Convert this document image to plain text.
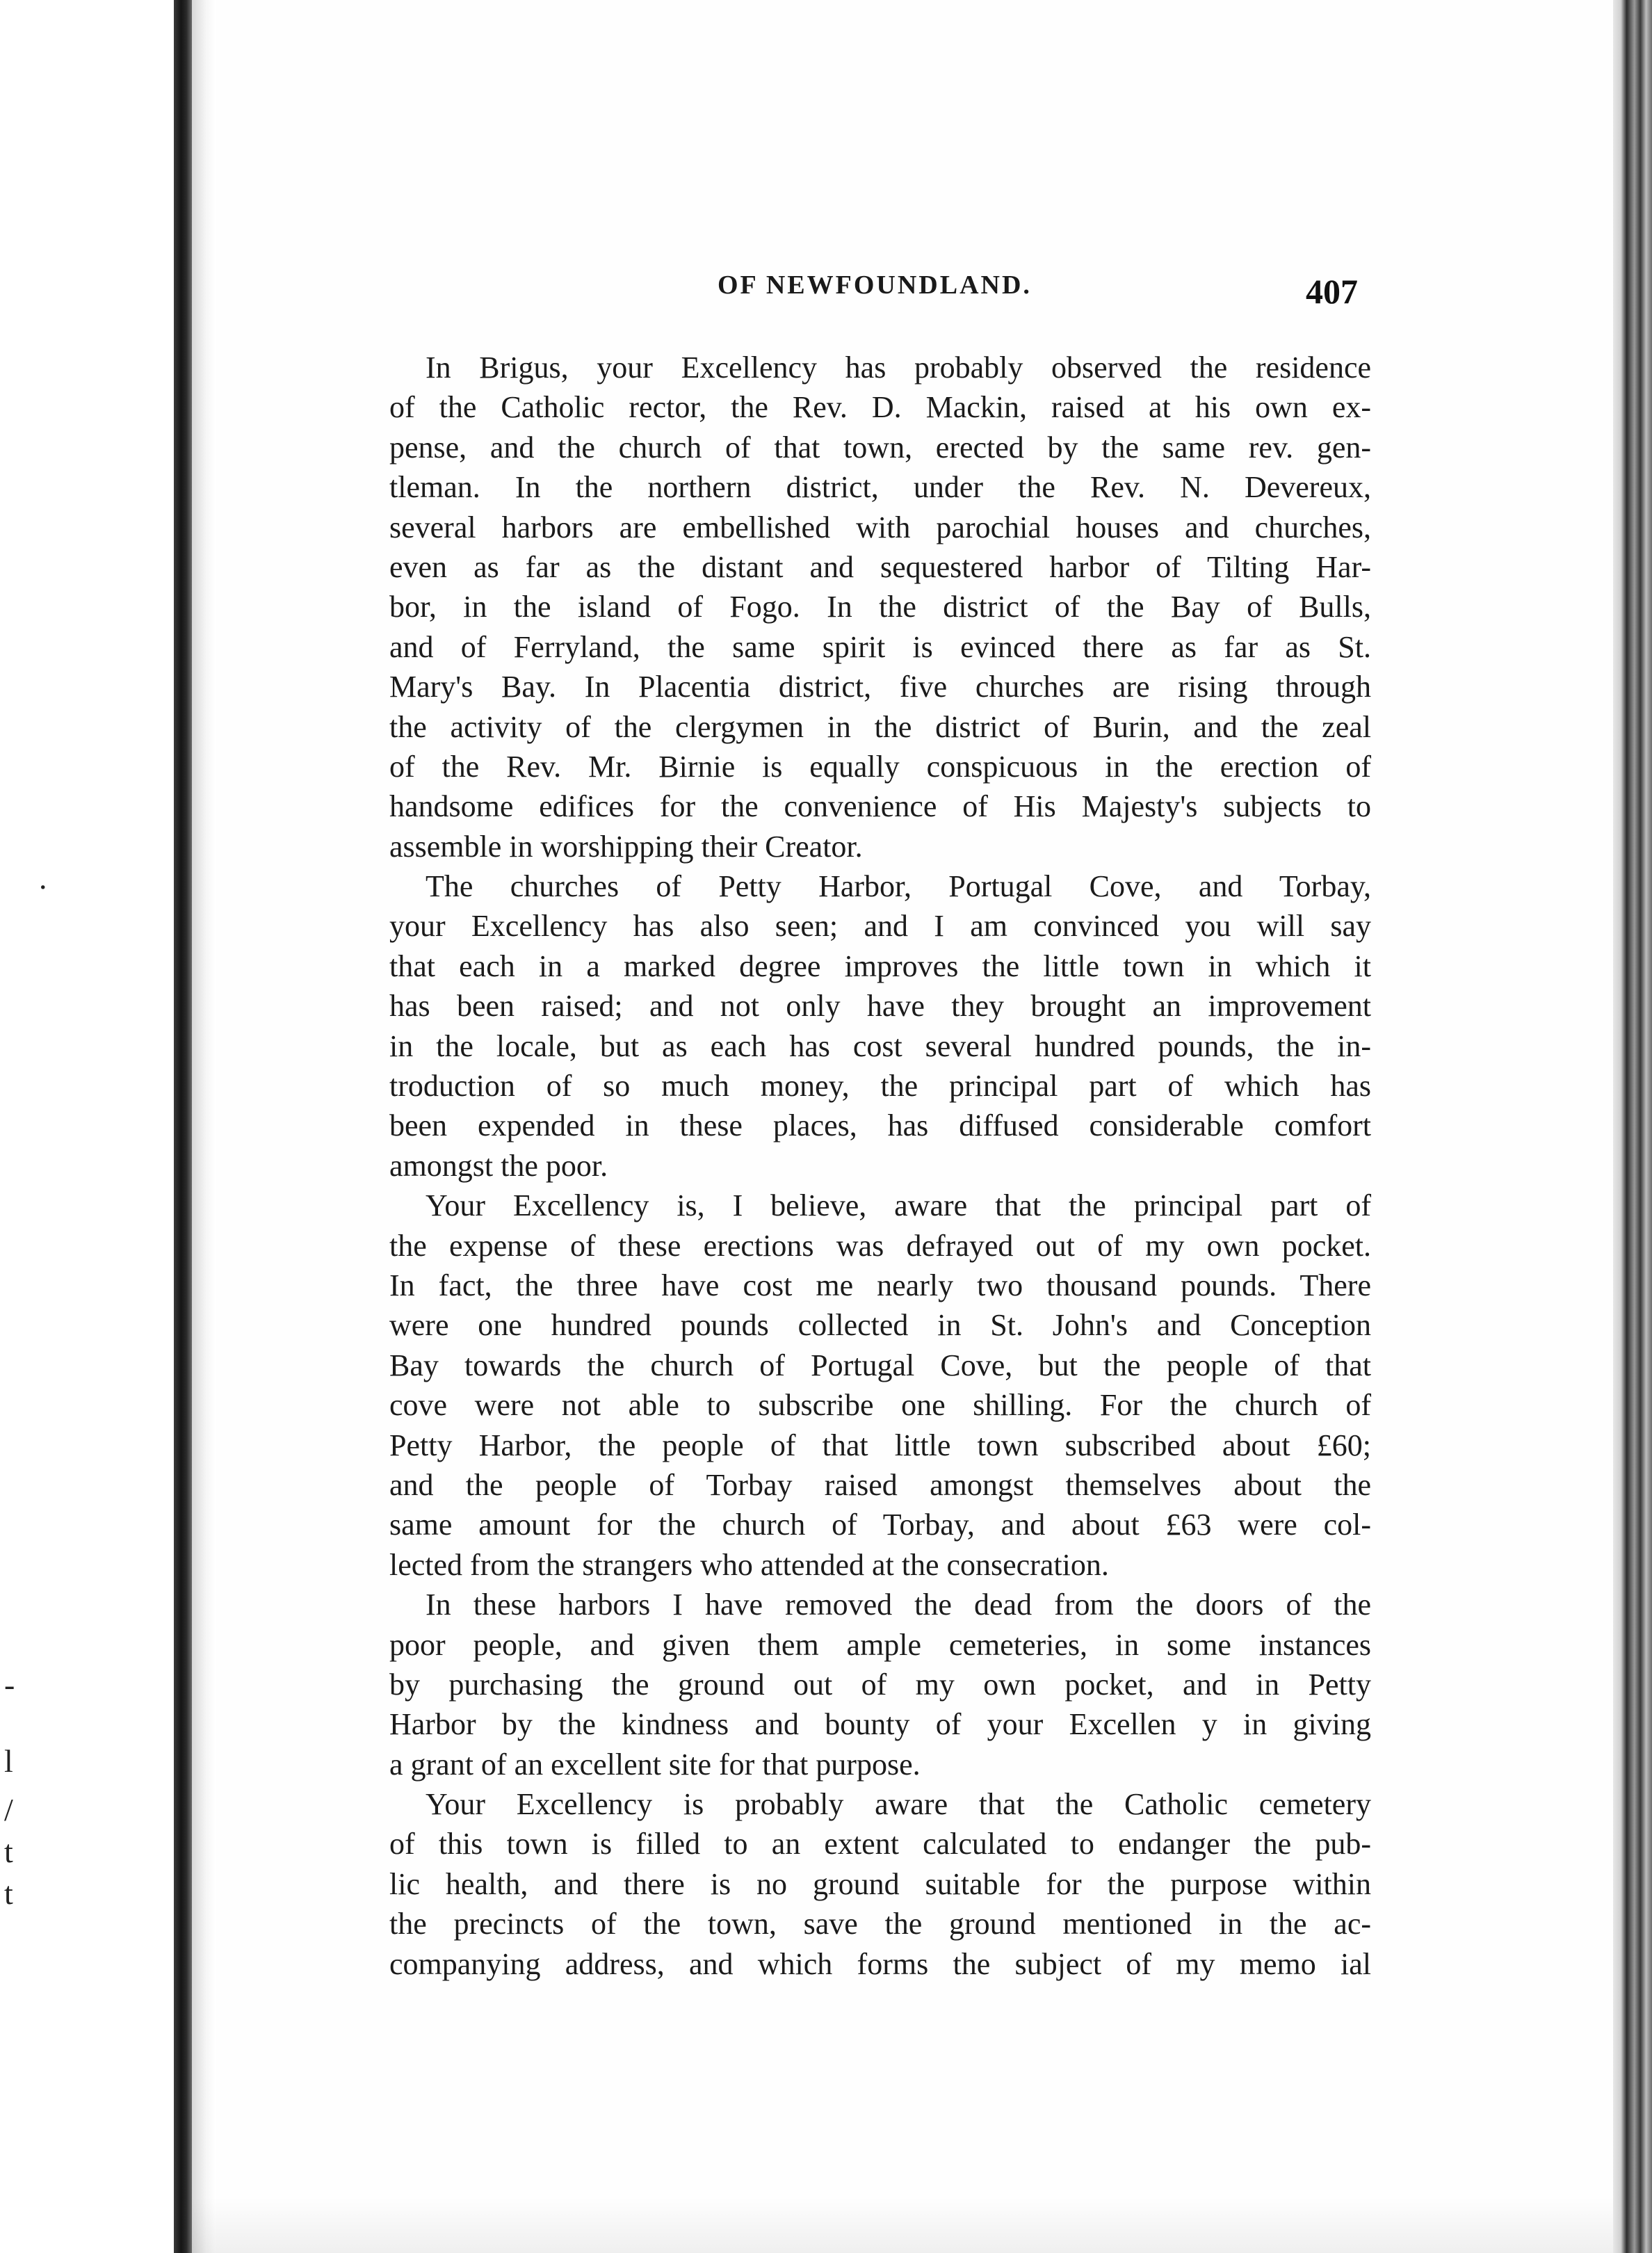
.
-
l
/
t
t
OF NEWFOUNDLAND.	407
In Brigus, your Excellency has probably observed the residence
of the Catholic rector, the Rev. D. Mackin, raised at his own ex-
pense, and the church of that town, erected by the same rev. gen-
tleman. In the northern district, under the Rev. N. Devereux,
several harbors are embellished with parochial houses and churches,
even as far as the distant and sequestered harbor of Tilting Har-
bor, in the island of Fogo. In the district of the Bay of Bulls,
and of Ferryland, the same spirit is evinced there as far as St.
Mary's Bay. In Placentia district, five churches are rising through
the activity of the clergymen in the district of Burin, and the zeal
of the Rev. Mr. Birnie is equally conspicuous in the erection of
handsome edifices for the convenience of His Majesty's subjects to
assemble in worshipping their Creator.
The churches of Petty Harbor, Portugal Cove, and Torbay,
your Excellency has also seen; and I am convinced you will say
that each in a marked degree improves the little town in which it
has been raised; and not only have they brought an improvement
in the locale, but as each has cost several hundred pounds, the in-
troduction of so much money, the principal part of which has
been expended in these places, has diffused considerable comfort
amongst the poor.
Your Excellency is, I believe, aware that the principal part of
the expense of these erections was defrayed out of my own pocket.
In fact, the three have cost me nearly two thousand pounds. There
were one hundred pounds collected in St. John's and Conception
Bay towards the church of Portugal Cove, but the people of that
cove were not able to subscribe one shilling. For the church of
Petty Harbor, the people of that little town subscribed about £60;
and the people of Torbay raised amongst themselves about the
same amount for the church of Torbay, and about £63 were col-
lected from the strangers who attended at the consecration.
In these harbors I have removed the dead from the doors of the
poor people, and given them ample cemeteries, in some instances
by purchasing the ground out of my own pocket, and in Petty
Harbor by the kindness and bounty of your Excellen y in giving
a grant of an excellent site for that purpose.
Your Excellency is probably aware that the Catholic cemetery
of this town is filled to an extent calculated to endanger the pub-
lic health, and there is no ground suitable for the purpose within
the precincts of the town, save the ground mentioned in the ac-
companying address, and which forms the subject of my memo ial
